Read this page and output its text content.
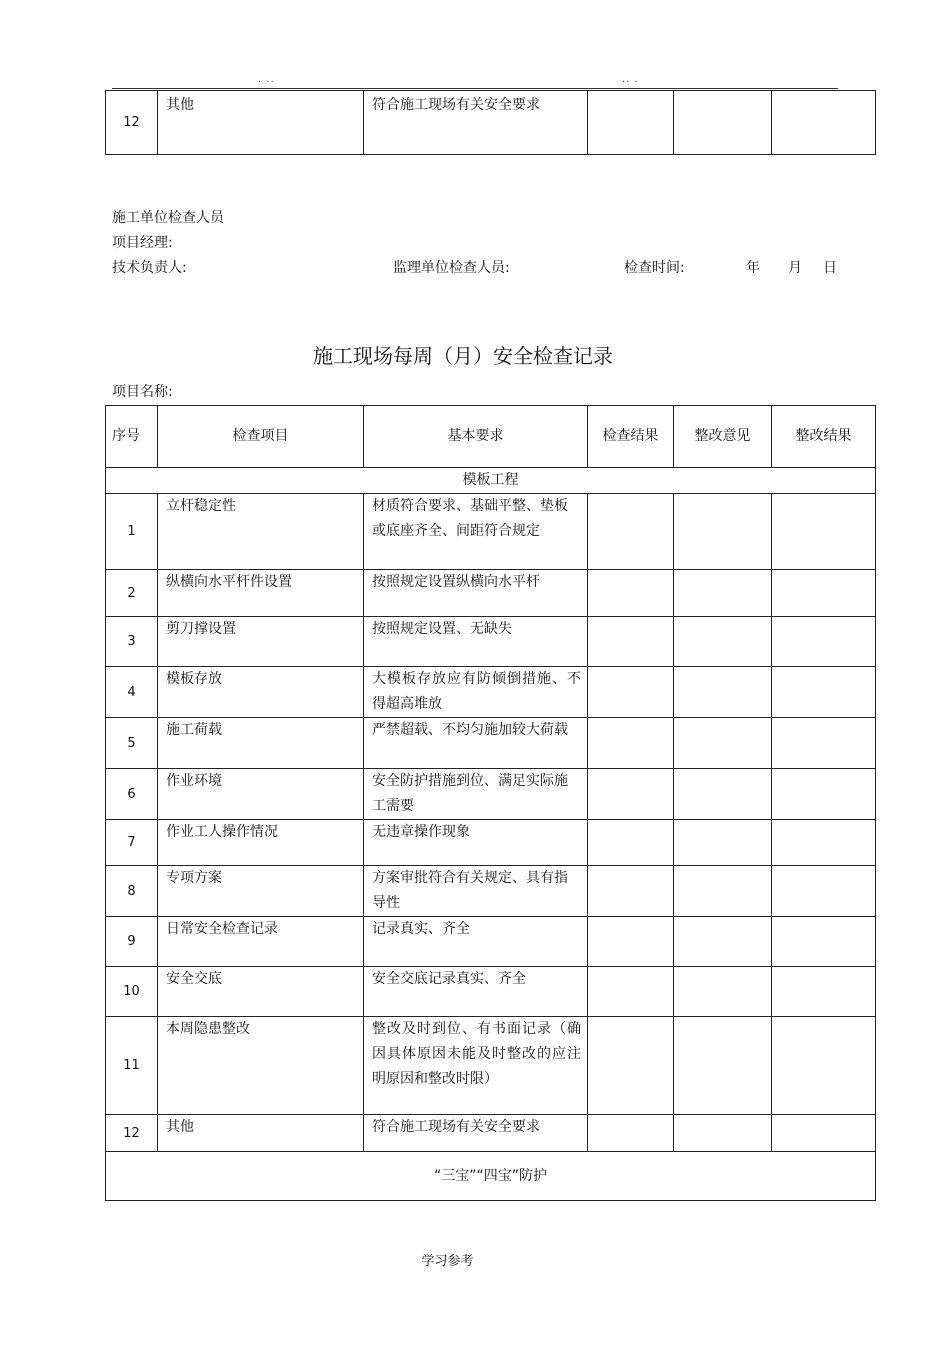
. ..	.. .
12	其他	符合施工现场有关安全要求			
施工单位检查人员
项目经理:
技术负责人:	监理单位检查人员:	检查时间:	年 月 日
施工现场每周（月）安全检查记录
项目名称:
序号	检查项目	基本要求	检查结果	整改意见	整改结果
模板工程					
1	立杆稳定性	材质符合要求、基础平整、垫板或底座齐全、间距符合规定			
2	纵横向水平杆件设置	按照规定设置纵横向水平杆			
3	剪刀撑设置	按照规定设置、无缺失			
4	模板存放	大模板存放应有防倾倒措施、不得超高堆放			
5	施工荷载	严禁超载、不均匀施加较大荷载			
6	作业环境	安全防护措施到位、满足实际施工需要			
7	作业工人操作情况	无违章操作现象			
8	专项方案	方案审批符合有关规定、具有指导性			
9	日常安全检查记录	记录真实、齐全			
10	安全交底	安全交底记录真实、齐全			
11	本周隐患整改	整改及时到位、有书面记录（确因具体原因未能及时整改的应注明原因和整改时限）			
12	其他	符合施工现场有关安全要求			
“三宝”“四宝”防护					
学习参考
